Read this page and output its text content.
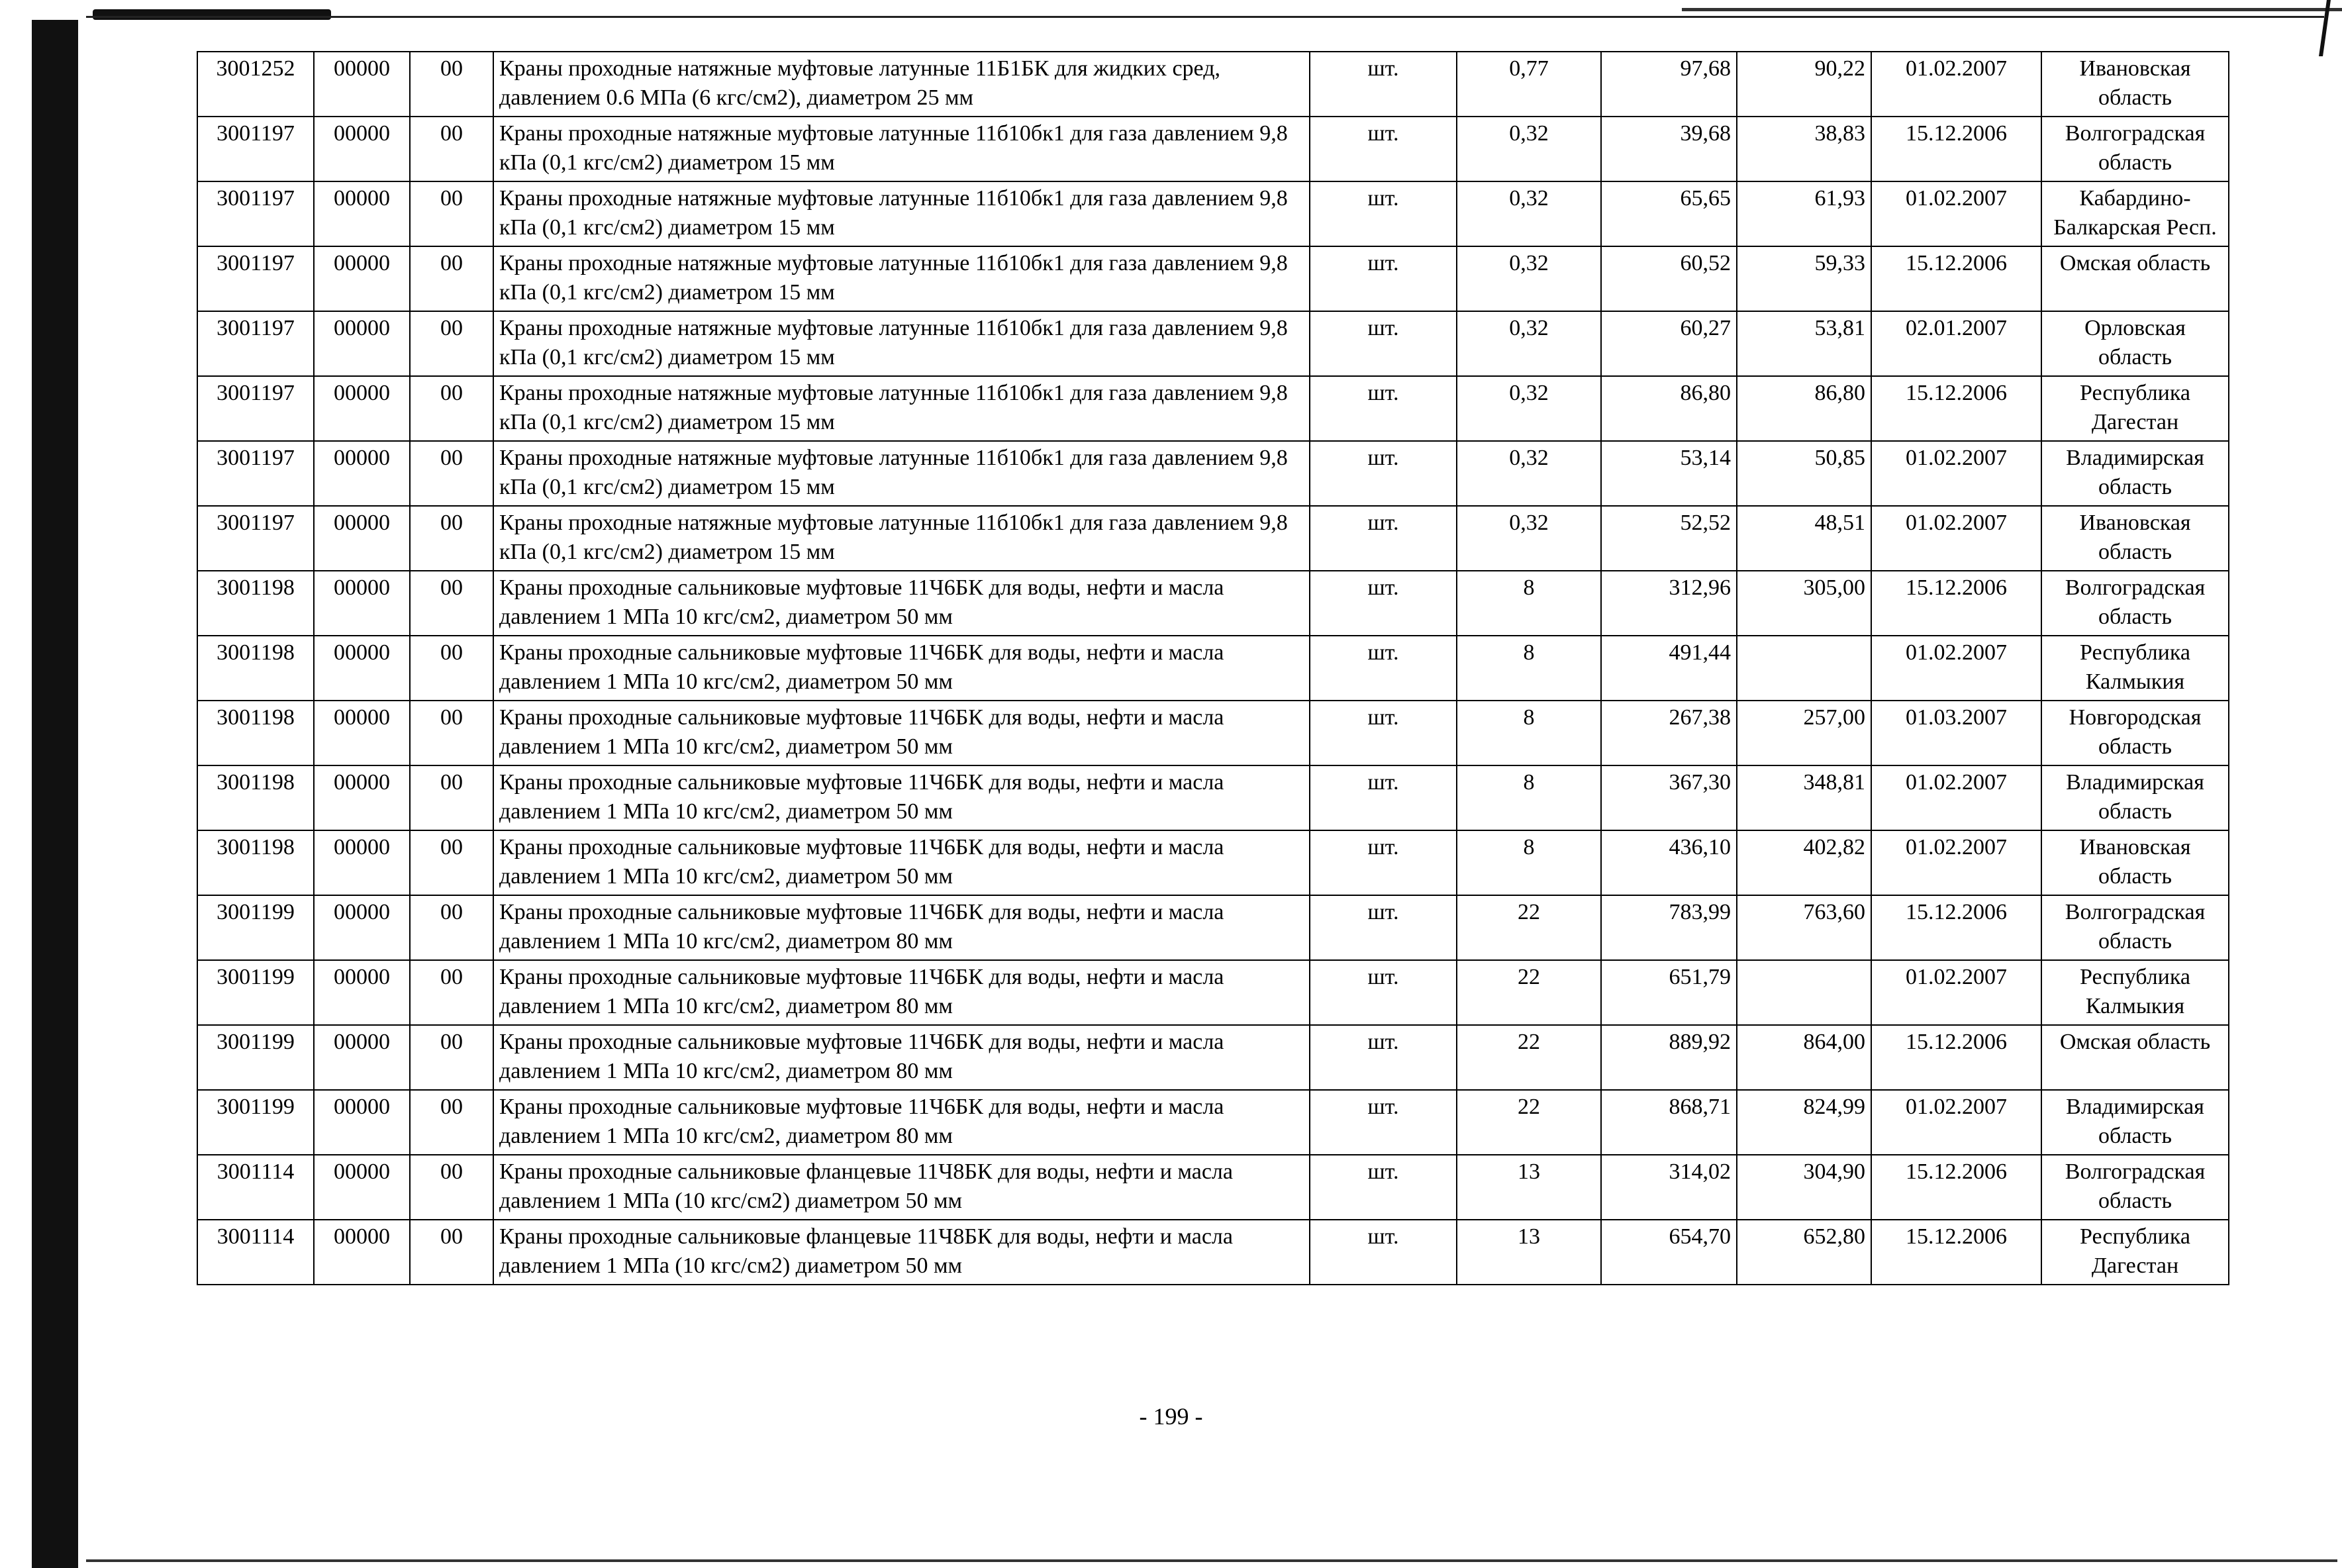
3001252	00000	00	Краны проходные натяжные муфтовые латунные 11Б1БК для жидких сред, давлением 0.6 МПа (6 кгс/см2), диаметром 25 мм	шт.	0,77	97,68	90,22	01.02.2007	Ивановская область
3001197	00000	00	Краны проходные натяжные муфтовые латунные 11б10бк1 для газа давлением 9,8 кПа (0,1 кгс/см2) диаметром 15 мм	шт.	0,32	39,68	38,83	15.12.2006	Волгоградская область
3001197	00000	00	Краны проходные натяжные муфтовые латунные 11б10бк1 для газа давлением 9,8 кПа (0,1 кгс/см2) диаметром 15 мм	шт.	0,32	65,65	61,93	01.02.2007	Кабардино-Балкарская Респ.
3001197	00000	00	Краны проходные натяжные муфтовые латунные 11б10бк1 для газа давлением 9,8 кПа (0,1 кгс/см2) диаметром 15 мм	шт.	0,32	60,52	59,33	15.12.2006	Омская область
3001197	00000	00	Краны проходные натяжные муфтовые латунные 11б10бк1 для газа давлением 9,8 кПа (0,1 кгс/см2) диаметром 15 мм	шт.	0,32	60,27	53,81	02.01.2007	Орловская область
3001197	00000	00	Краны проходные натяжные муфтовые латунные 11б10бк1 для газа давлением 9,8 кПа (0,1 кгс/см2) диаметром 15 мм	шт.	0,32	86,80	86,80	15.12.2006	Республика Дагестан
3001197	00000	00	Краны проходные натяжные муфтовые латунные 11б10бк1 для газа давлением 9,8 кПа (0,1 кгс/см2) диаметром 15 мм	шт.	0,32	53,14	50,85	01.02.2007	Владимирская область
3001197	00000	00	Краны проходные натяжные муфтовые латунные 11б10бк1 для газа давлением 9,8 кПа (0,1 кгс/см2) диаметром 15 мм	шт.	0,32	52,52	48,51	01.02.2007	Ивановская область
3001198	00000	00	Краны проходные сальниковые муфтовые 11Ч6БК для воды, нефти и масла давлением 1 МПа 10 кгс/см2, диаметром 50 мм	шт.	8	312,96	305,00	15.12.2006	Волгоградская область
3001198	00000	00	Краны проходные сальниковые муфтовые 11Ч6БК для воды, нефти и масла давлением 1 МПа 10 кгс/см2, диаметром 50 мм	шт.	8	491,44		01.02.2007	Республика Калмыкия
3001198	00000	00	Краны проходные сальниковые муфтовые 11Ч6БК для воды, нефти и масла давлением 1 МПа 10 кгс/см2, диаметром 50 мм	шт.	8	267,38	257,00	01.03.2007	Новгородская область
3001198	00000	00	Краны проходные сальниковые муфтовые 11Ч6БК для воды, нефти и масла давлением 1 МПа 10 кгс/см2, диаметром 50 мм	шт.	8	367,30	348,81	01.02.2007	Владимирская область
3001198	00000	00	Краны проходные сальниковые муфтовые 11Ч6БК для воды, нефти и масла давлением 1 МПа 10 кгс/см2, диаметром 50 мм	шт.	8	436,10	402,82	01.02.2007	Ивановская область
3001199	00000	00	Краны проходные сальниковые муфтовые 11Ч6БК для воды, нефти и масла давлением 1 МПа 10 кгс/см2, диаметром 80 мм	шт.	22	783,99	763,60	15.12.2006	Волгоградская область
3001199	00000	00	Краны проходные сальниковые муфтовые 11Ч6БК для воды, нефти и масла давлением 1 МПа 10 кгс/см2, диаметром 80 мм	шт.	22	651,79		01.02.2007	Республика Калмыкия
3001199	00000	00	Краны проходные сальниковые муфтовые 11Ч6БК для воды, нефти и масла давлением 1 МПа 10 кгс/см2, диаметром 80 мм	шт.	22	889,92	864,00	15.12.2006	Омская область
3001199	00000	00	Краны проходные сальниковые муфтовые 11Ч6БК для воды, нефти и масла давлением 1 МПа 10 кгс/см2, диаметром 80 мм	шт.	22	868,71	824,99	01.02.2007	Владимирская область
3001114	00000	00	Краны проходные сальниковые фланцевые 11Ч8БК для воды, нефти и масла давлением 1 МПа (10 кгс/см2) диаметром 50 мм	шт.	13	314,02	304,90	15.12.2006	Волгоградская область
3001114	00000	00	Краны проходные сальниковые фланцевые 11Ч8БК для воды, нефти и масла давлением 1 МПа (10 кгс/см2) диаметром 50 мм	шт.	13	654,70	652,80	15.12.2006	Республика Дагестан
- 199 -
